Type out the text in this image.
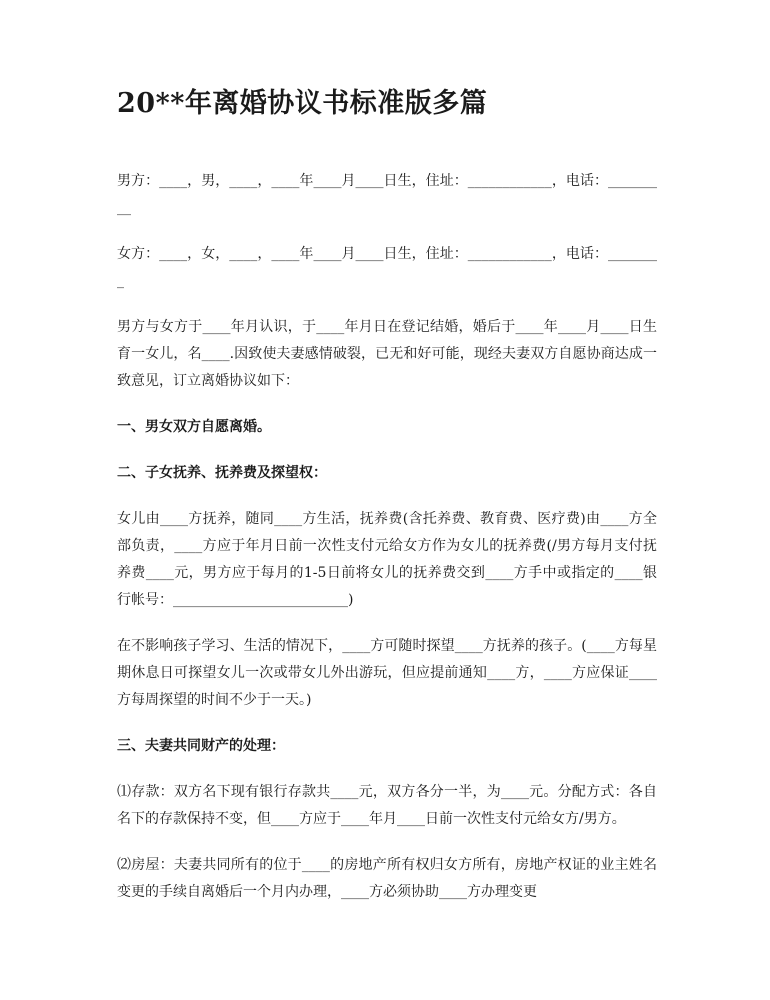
20**年离婚协议书标准版多篇

男方：____，男，____，____年____月____日生，住址：____________，电话：_________

女方：____，女，____，____年____月____日生，住址：____________，电话：________

男方与女方于____年月认识，于____年月日在登记结婚，婚后于____年____月____日生育一女儿，名____.因致使夫妻感情破裂，已无和好可能，现经夫妻双方自愿协商达成一致意见，订立离婚协议如下：

一、男女双方自愿离婚。

二、子女抚养、抚养费及探望权：

女儿由____方抚养，随同____方生活，抚养费(含托养费、教育费、医疗费)由____方全部负责，____方应于年月日前一次性支付元给女方作为女儿的抚养费(/男方每月支付抚养费____元，男方应于每月的1-5日前将女儿的抚养费交到____方手中或指定的____银行帐号：_________________________)

在不影响孩子学习、生活的情况下，____方可随时探望____方抚养的孩子。(____方每星期休息日可探望女儿一次或带女儿外出游玩，但应提前通知____方，____方应保证____方每周探望的时间不少于一天。)

三、夫妻共同财产的处理：

⑴存款：双方名下现有银行存款共____元，双方各分一半，为____元。分配方式：各自名下的存款保持不变，但____方应于____年月____日前一次性支付元给女方/男方。

⑵房屋：夫妻共同所有的位于____的房地产所有权归女方所有，房地产权证的业主姓名变更的手续自离婚后一个月内办理，____方必须协助____方办理变更
